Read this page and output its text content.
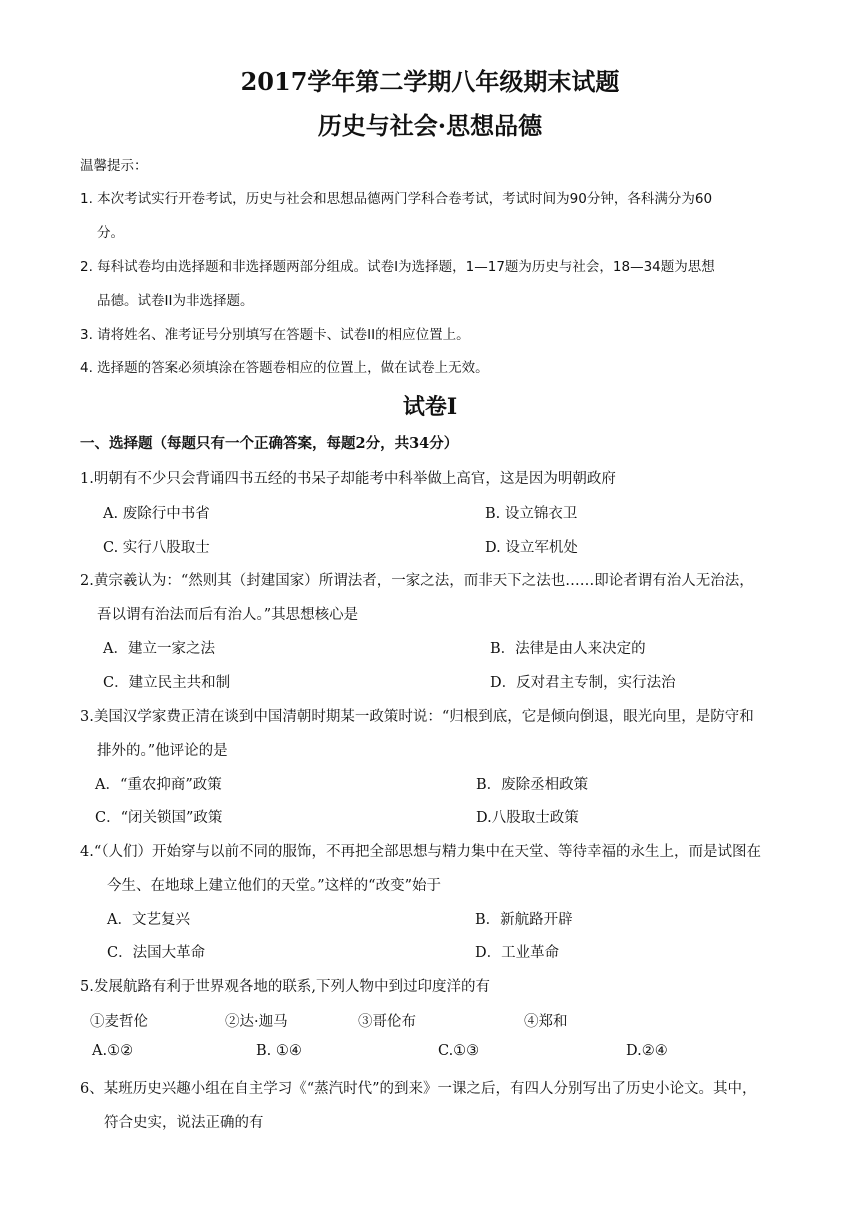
2017学年第二学期八年级期末试题
历史与社会·思想品德
温馨提示：
1. 本次考试实行开卷考试，历史与社会和思想品德两门学科合卷考试，考试时间为90分钟，各科满分为60
分。
2. 每科试卷均由选择题和非选择题两部分组成。试卷Ⅰ为选择题，1—17题为历史与社会，18—34题为思想
品德。试卷II为非选择题。
3. 请将姓名、准考证号分别填写在答题卡、试卷II的相应位置上。
4. 选择题的答案必须填涂在答题卷相应的位置上，做在试卷上无效。
试卷Ⅰ
一、选择题（每题只有一个正确答案，每题2分，共34分）
1.明朝有不少只会背诵四书五经的书呆子却能考中科举做上高官，这是因为明朝政府
A. 废除行中书省	B. 设立锦衣卫
C. 实行八股取士	D. 设立军机处
2.黄宗羲认为：“然则其（封建国家）所谓法者，一家之法，而非天下之法也……即论者谓有治人无治法，
吾以谓有治法而后有治人。”其思想核心是
A．建立一家之法	B．法律是由人来决定的
C．建立民主共和制	D．反对君主专制，实行法治
3.美国汉学家费正清在谈到中国清朝时期某一政策时说：“归根到底，它是倾向倒退，眼光向里，是防守和
排外的。”他评论的是
A．“重农抑商”政策	B．废除丞相政策
C．“闭关锁国”政策	D.八股取士政策
4.“（人们）开始穿与以前不同的服饰，不再把全部思想与精力集中在天堂、等待幸福的永生上，而是试图在
今生、在地球上建立他们的天堂。”这样的“改变”始于
A．文艺复兴	B．新航路开辟
C．法国大革命	D．工业革命
5.发展航路有利于世界观各地的联系,下列人物中到过印度洋的有
①麦哲伦	②达·迦马	③哥伦布	④郑和
A.①②	B. ①④	C.①③	D.②④
6、某班历史兴趣小组在自主学习《“蒸汽时代”的到来》一课之后，有四人分别写出了历史小论文。其中，
符合史实，说法正确的有
